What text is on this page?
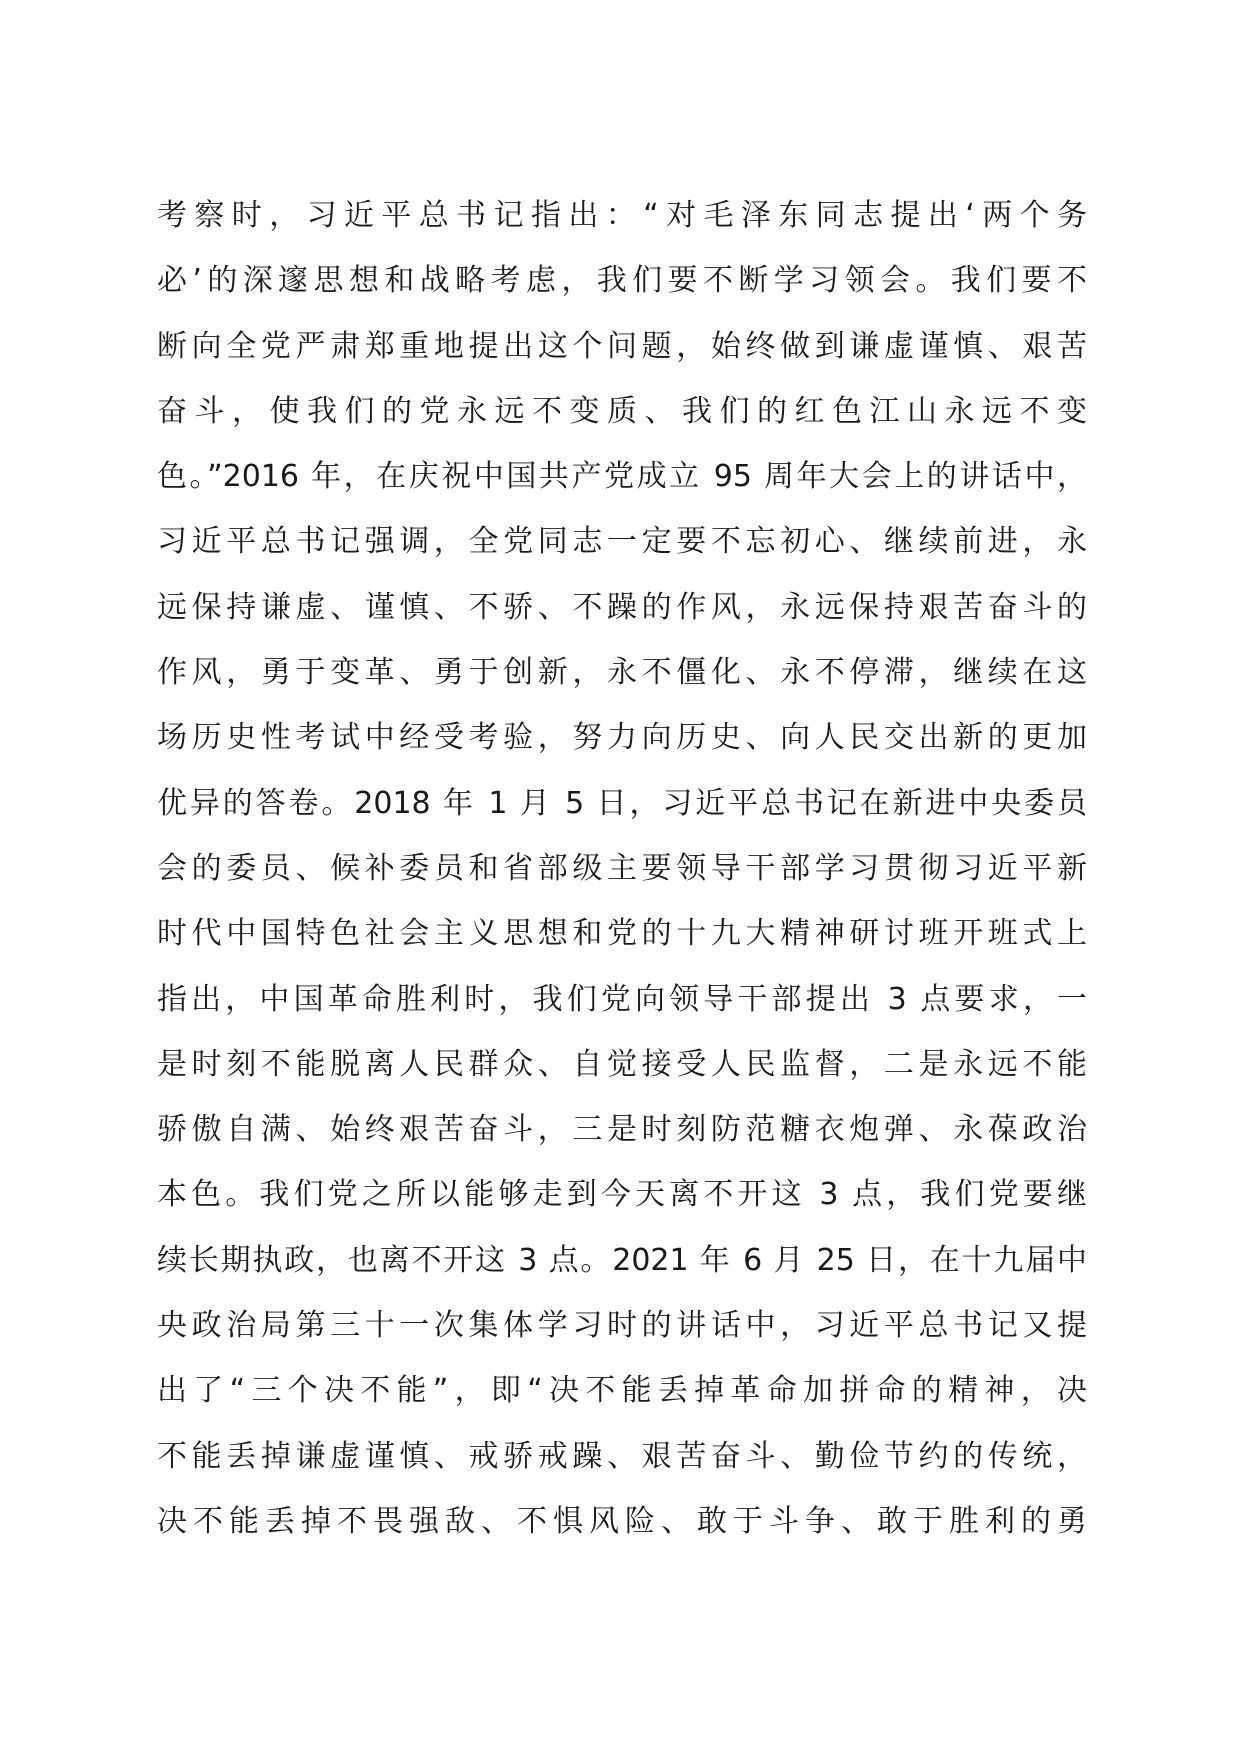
考察时，习近平总书记指出：“对毛泽东同志提出‘两个务
必’的深邃思想和战略考虑，我们要不断学习领会。我们要不
断向全党严肃郑重地提出这个问题，始终做到谦虚谨慎、艰苦
奋斗，使我们的党永远不变质、我们的红色江山永远不变
色。”2016 年，在庆祝中国共产党成立 95 周年大会上的讲话中，
习近平总书记强调，全党同志一定要不忘初心、继续前进，永
远保持谦虚、谨慎、不骄、不躁的作风，永远保持艰苦奋斗的
作风，勇于变革、勇于创新，永不僵化、永不停滞，继续在这
场历史性考试中经受考验，努力向历史、向人民交出新的更加
优异的答卷。2018 年 1 月 5 日，习近平总书记在新进中央委员
会的委员、候补委员和省部级主要领导干部学习贯彻习近平新
时代中国特色社会主义思想和党的十九大精神研讨班开班式上
指出，中国革命胜利时，我们党向领导干部提出 3 点要求，一
是时刻不能脱离人民群众、自觉接受人民监督，二是永远不能
骄傲自满、始终艰苦奋斗，三是时刻防范糖衣炮弹、永葆政治
本色。我们党之所以能够走到今天离不开这 3 点，我们党要继
续长期执政，也离不开这 3 点。2021 年 6 月 25 日，在十九届中
央政治局第三十一次集体学习时的讲话中，习近平总书记又提
出了“三个决不能”，即“决不能丢掉革命加拼命的精神，决
不能丢掉谦虚谨慎、戒骄戒躁、艰苦奋斗、勤俭节约的传统，
决不能丢掉不畏强敌、不惧风险、敢于斗争、敢于胜利的勇
